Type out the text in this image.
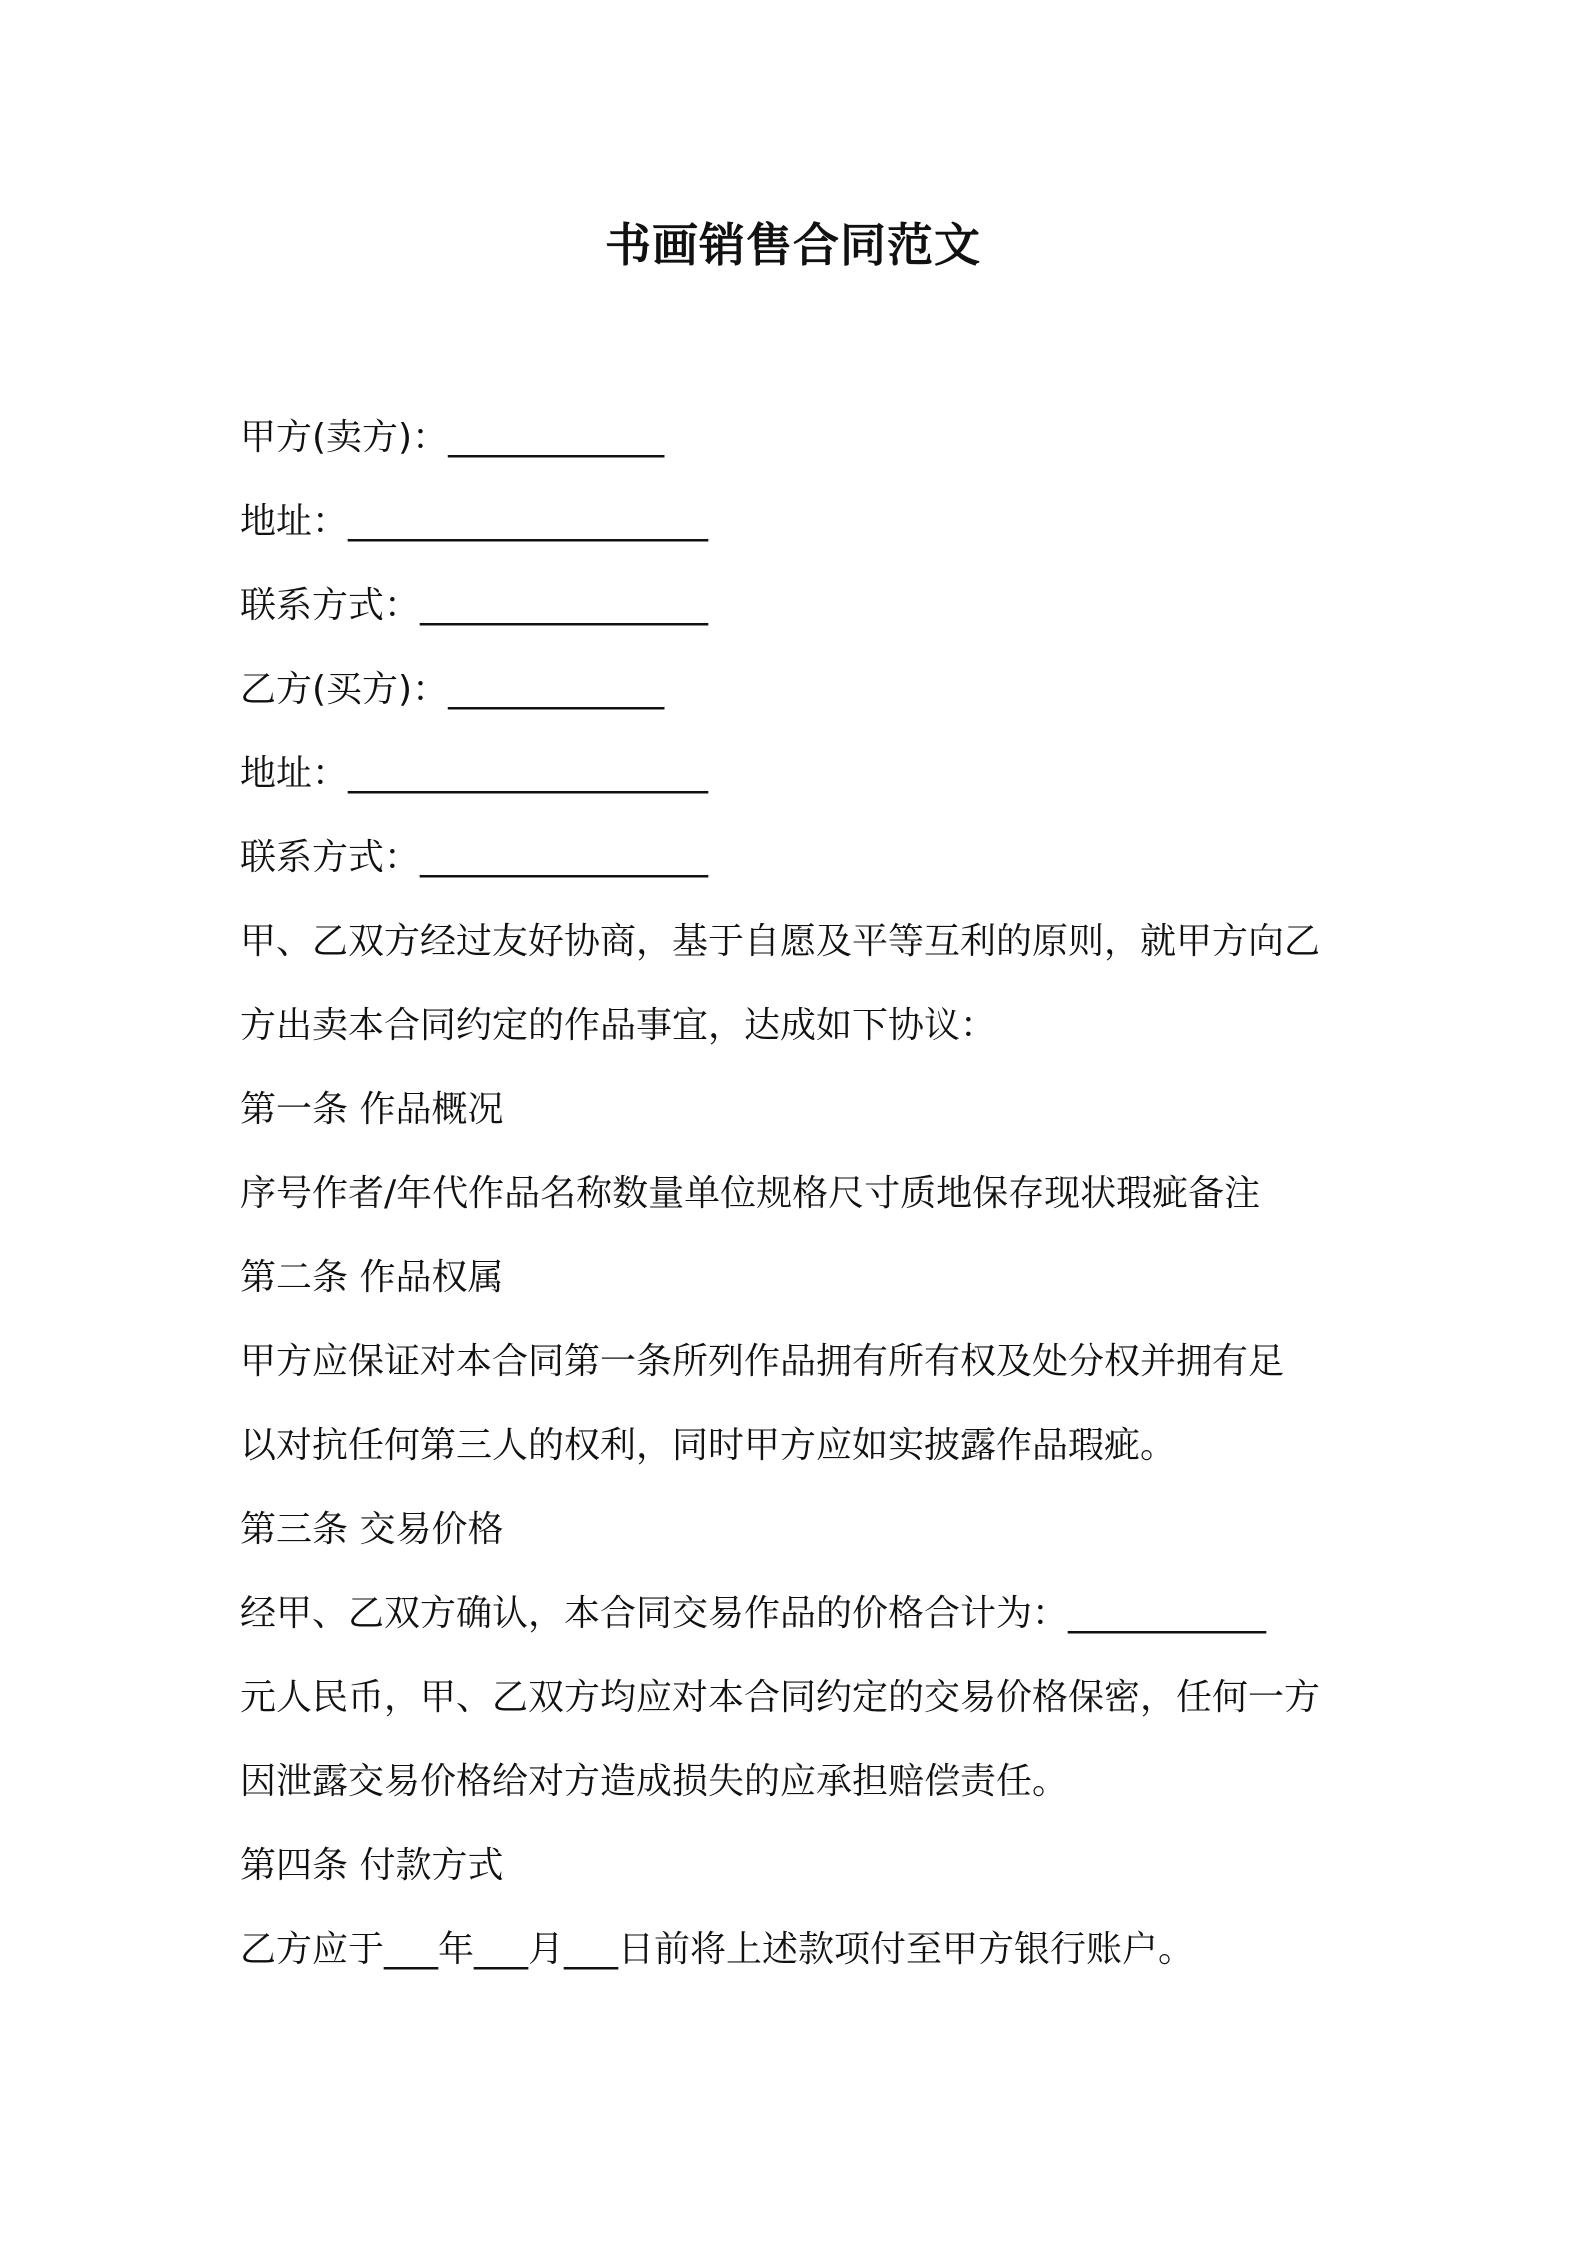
书画销售合同范文
甲方(卖方)：____________
地址：____________________
联系方式：________________
乙方(买方)：____________
地址：____________________
联系方式：________________
甲、乙双方经过友好协商，基于自愿及平等互利的原则，就甲方向乙
方出卖本合同约定的作品事宜，达成如下协议：
第一条 作品概况
序号作者/年代作品名称数量单位规格尺寸质地保存现状瑕疵备注
第二条 作品权属
甲方应保证对本合同第一条所列作品拥有所有权及处分权并拥有足
以对抗任何第三人的权利，同时甲方应如实披露作品瑕疵。
第三条 交易价格
经甲、乙双方确认，本合同交易作品的价格合计为：___________
元人民币，甲、乙双方均应对本合同约定的交易价格保密，任何一方
因泄露交易价格给对方造成损失的应承担赔偿责任。
第四条 付款方式
乙方应于___年___月___日前将上述款项付至甲方银行账户。
